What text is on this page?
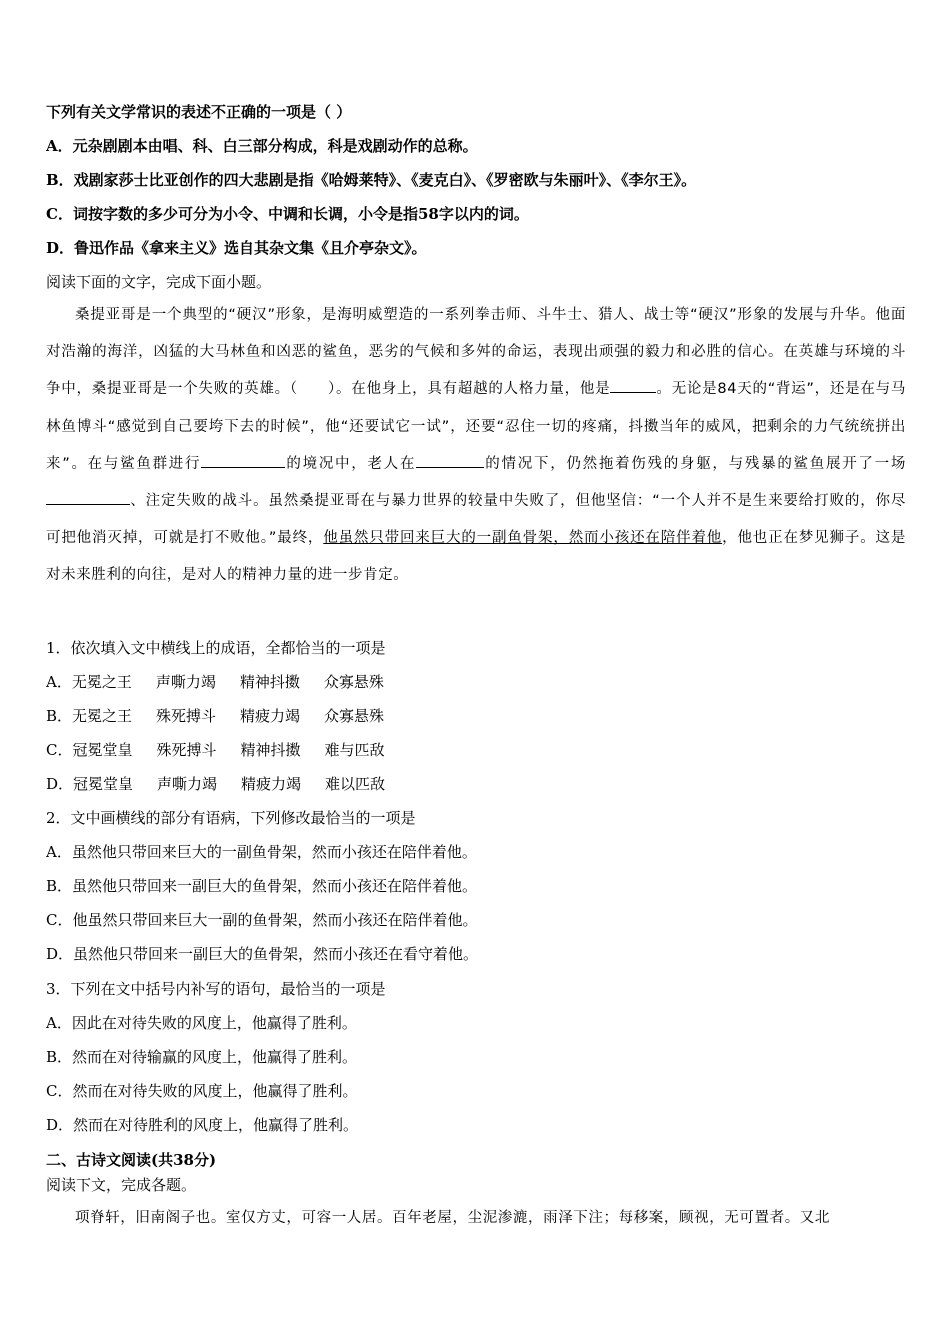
下列有关文学常识的表述不正确的一项是（ ）
A．元杂剧剧本由唱、科、白三部分构成，科是戏剧动作的总称。
B．戏剧家莎士比亚创作的四大悲剧是指《哈姆莱特》、《麦克白》、《罗密欧与朱丽叶》、《李尔王》。
C．词按字数的多少可分为小令、中调和长调，小令是指58字以内的词。
D．鲁迅作品《拿来主义》选自其杂文集《且介亭杂文》。
阅读下面的文字，完成下面小题。
桑提亚哥是一个典型的“硬汉”形象，是海明威塑造的一系列拳击师、斗牛士、猎人、战士等“硬汉”形象的发展与升华。他面对浩瀚的海洋，凶猛的大马林鱼和凶恶的鲨鱼，恶劣的气候和多舛的命运，表现出顽强的毅力和必胜的信心。在英雄与环境的斗争中，桑提亚哥是一个失败的英雄。（ ）。在他身上，具有超越的人格力量，他是	。无论是84天的“背运”，还是在与马林鱼博斗“感觉到自己要垮下去的时候”，他“还要试它一试”，还要“忍住一切的疼痛，抖擞当年的威风，把剩余的力气统统拼出来”。在与鲨鱼群进行	的境况中，老人在	的情况下，仍然拖着伤残的身躯，与残暴的鲨鱼展开了一场、注定失败的战斗。虽然桑提亚哥在与暴力世界的较量中失败了，但他坚信：“一个人并不是生来要给打败的，你尽可把他消灭掉，可就是打不败他。”最终，他虽然只带回来巨大的一副鱼骨架，然而小孩还在陪伴着他，他也正在梦见狮子。这是对未来胜利的向往，是对人的精神力量的进一步肯定。
1．依次填入文中横线上的成语，全都恰当的一项是
A．无冕之王 声嘶力竭 精神抖擞 众寡悬殊
B．无冕之王 殊死搏斗 精疲力竭 众寡悬殊
C．冠冕堂皇 殊死搏斗 精神抖擞 难与匹敌
D．冠冕堂皇 声嘶力竭 精疲力竭 难以匹敌
2．文中画横线的部分有语病，下列修改最恰当的一项是
A．虽然他只带回来巨大的一副鱼骨架，然而小孩还在陪伴着他。
B．虽然他只带回来一副巨大的鱼骨架，然而小孩还在陪伴着他。
C．他虽然只带回来巨大一副的鱼骨架，然而小孩还在陪伴着他。
D．虽然他只带回来一副巨大的鱼骨架，然而小孩还在看守着他。
3．下列在文中括号内补写的语句，最恰当的一项是
A．因此在对待失败的风度上，他赢得了胜利。
B．然而在对待输赢的风度上，他赢得了胜利。
C．然而在对待失败的风度上，他赢得了胜利。
D．然而在对待胜利的风度上，他赢得了胜利。
二、古诗文阅读(共38分)
阅读下文，完成各题。
项脊轩，旧南阁子也。室仅方丈，可容一人居。百年老屋，尘泥渗漉，雨泽下注；每移案，顾视，无可置者。又北
